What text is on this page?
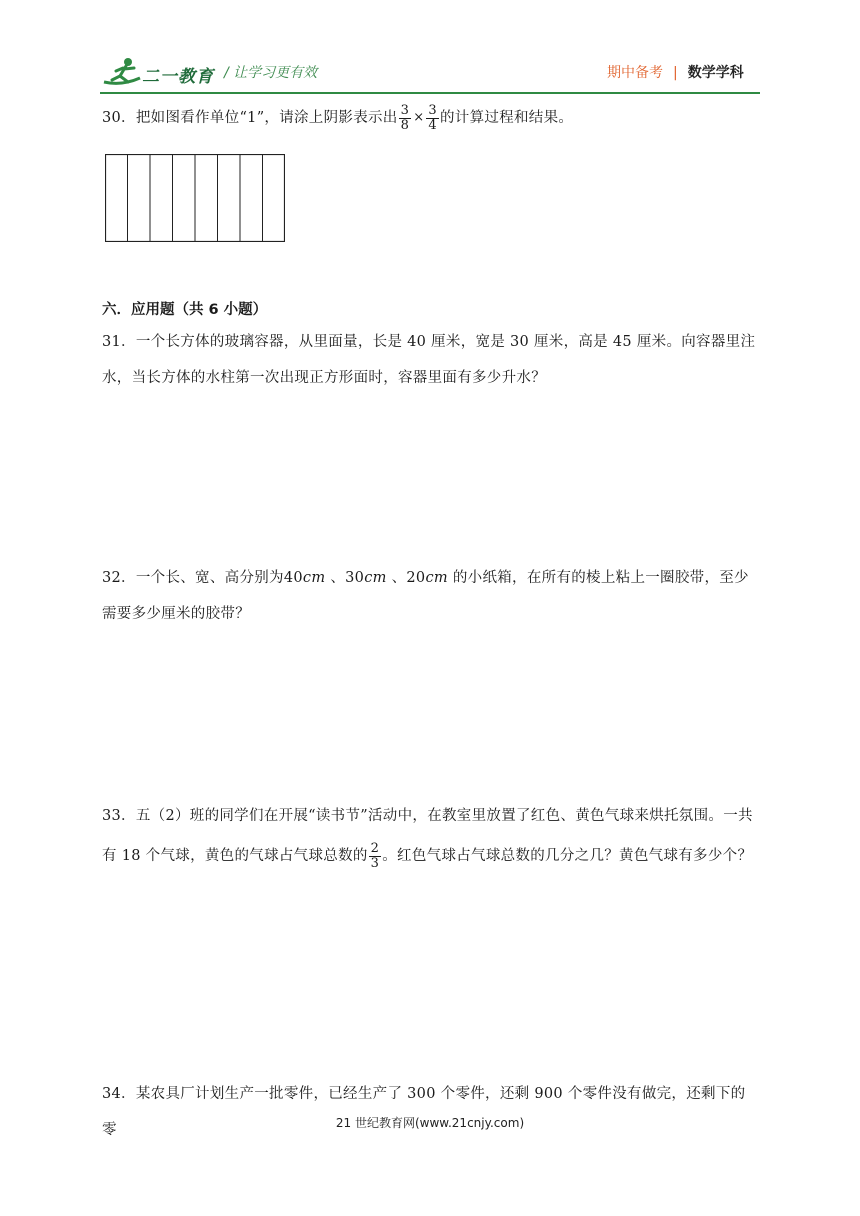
二一教育 / 让学习更有效	期中备考 | 数学学科
30．把如图看作单位“1”，请涂上阴影表示出 $\frac{3}{8} \times \frac{3}{4}$ 的计算过程和结果。
六．应用题（共 6 小题）
31．一个长方体的玻璃容器，从里面量，长是 40 厘米，宽是 30 厘米，高是 45 厘米。向容器里注水，当长方体的水柱第一次出现正方形面时，容器里面有多少升水？
32．一个长、宽、高分别为40cm 、30cm 、20cm 的小纸箱，在所有的棱上粘上一圈胶带，至少需要多少厘米的胶带？
33．五（2）班的同学们在开展“读书节”活动中，在教室里放置了红色、黄色气球来烘托氛围。一共有 18 个气球，黄色的气球占气球总数的 $\frac{2}{3}$ 。红色气球占气球总数的几分之几？黄色气球有多少个？
34．某农具厂计划生产一批零件，已经生产了 300 个零件，还剩 900 个零件没有做完，还剩下的零	21 世纪教育网(www.21cnjy.com)
